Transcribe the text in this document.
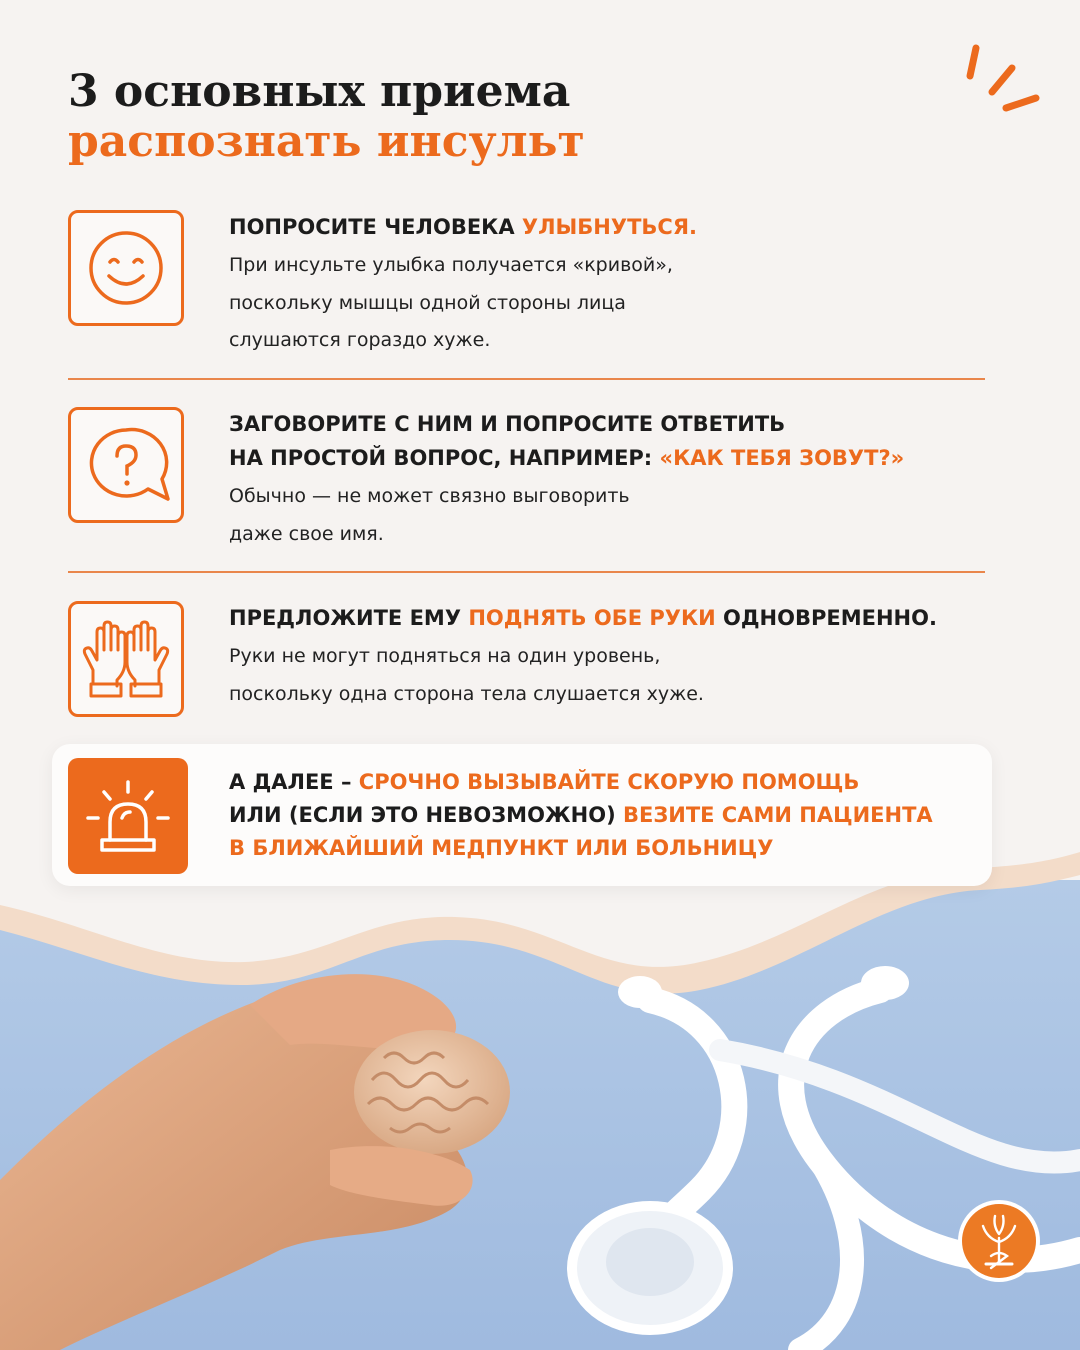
3 основных приема
распознать инсульт
ПОПРОСИТЕ ЧЕЛОВЕКА УЛЫБНУТЬСЯ.
При инсульте улыбка получается «кривой»,
поскольку мышцы одной стороны лица
слушаются гораздо хуже.
ЗАГОВОРИТЕ С НИМ И ПОПРОСИТЕ ОТВЕТИТЬ
НА ПРОСТОЙ ВОПРОС, НАПРИМЕР: «КАК ТЕБЯ ЗОВУТ?»
Обычно — не может связно выговорить
даже свое имя.
ПРЕДЛОЖИТЕ ЕМУ ПОДНЯТЬ ОБЕ РУКИ ОДНОВРЕМЕННО.
Руки не могут подняться на один уровень,
поскольку одна сторона тела слушается хуже.
А ДАЛЕЕ – СРОЧНО ВЫЗЫВАЙТЕ СКОРУЮ ПОМОЩЬ
ИЛИ (ЕСЛИ ЭТО НЕВОЗМОЖНО) ВЕЗИТЕ САМИ ПАЦИЕНТА
В БЛИЖАЙШИЙ МЕДПУНКТ ИЛИ БОЛЬНИЦУ
